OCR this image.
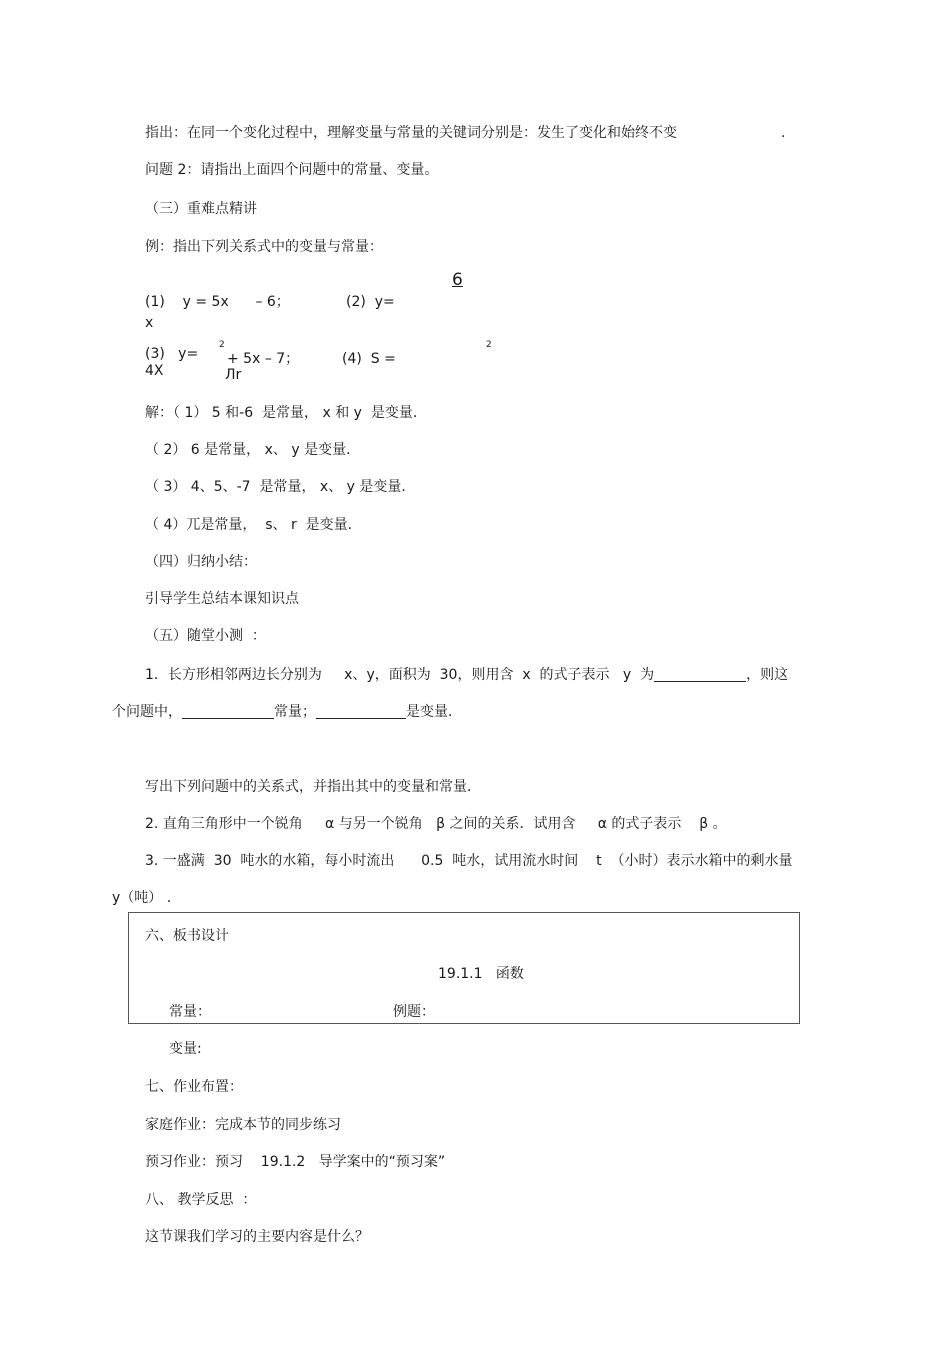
指出：在同一个变化过程中，理解变量与常量的关键词分别是：发生了变化和始终不变	.
问题 2：请指出上面四个问题中的常量、变量。
（三）重难点精讲
例：指出下列关系式中的变量与常量：
6
(1)    y = 5x      – 6；	(2)  y=
x
2	2
(3)   y= + 5x – 7；	(4)  S =
4X	Лr
解：（ 1） 5 和-6  是常量， x 和 y  是变量．
（ 2） 6 是常量， x、 y 是变量．
（ 3） 4、5、-7  是常量， x、 y 是变量．
（ 4）兀是常量，  s、 r  是变量．
（四）归纳小结：
引导学生总结本课知识点
（五）随堂小测  ：
1．长方形相邻两边长分别为     x、y，面积为  30，则用含  x  的式子表示   y  为	，则这
个问题中，	常量；	是变量．
写出下列问题中的关系式，并指出其中的变量和常量．
2. 直角三角形中一个锐角     α 与另一个锐角   β 之间的关系．试用含     α 的式子表示    β 。
3. 一盛满  30  吨水的水箱，每小时流出      0.5  吨水，试用流水时间    t  （小时）表示水箱中的剩水量
y（吨） .
六、板书设计
19.1.1   函数
常量：	例题：
变量:
七、作业布置：
家庭作业：完成本节的同步练习
预习作业：预习    19.1.2   导学案中的“预习案”
八、 教学反思  ：
这节课我们学习的主要内容是什么？
